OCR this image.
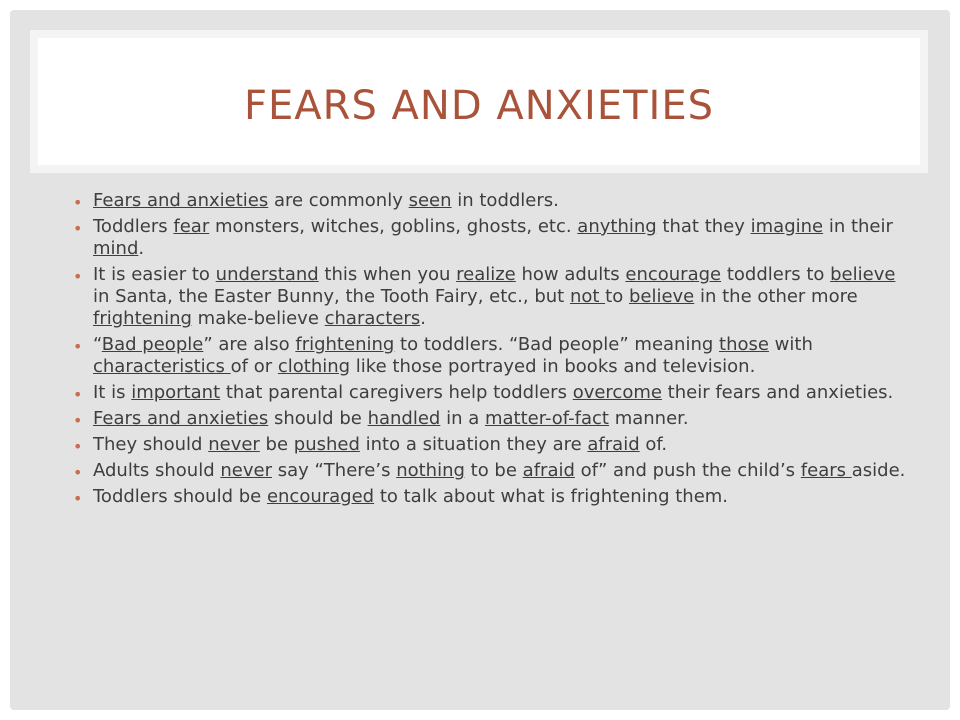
FEARS AND ANXIETIES
• Fears and anxieties are commonly seen in toddlers.
• Toddlers fear monsters, witches, goblins, ghosts, etc. anything that they imagine in their mind.
• It is easier to understand this when you realize how adults encourage toddlers to believe in Santa, the Easter Bunny, the Tooth Fairy, etc., but not to believe in the other more frightening make-believe characters.
• “Bad people” are also frightening to toddlers. “Bad people” meaning those with characteristics of or clothing like those portrayed in books and television.
• It is important that parental caregivers help toddlers overcome their fears and anxieties.
• Fears and anxieties should be handled in a matter-of-fact manner.
• They should never be pushed into a situation they are afraid of.
• Adults should never say “There’s nothing to be afraid of” and push the child’s fears aside.
• Toddlers should be encouraged to talk about what is frightening them.
